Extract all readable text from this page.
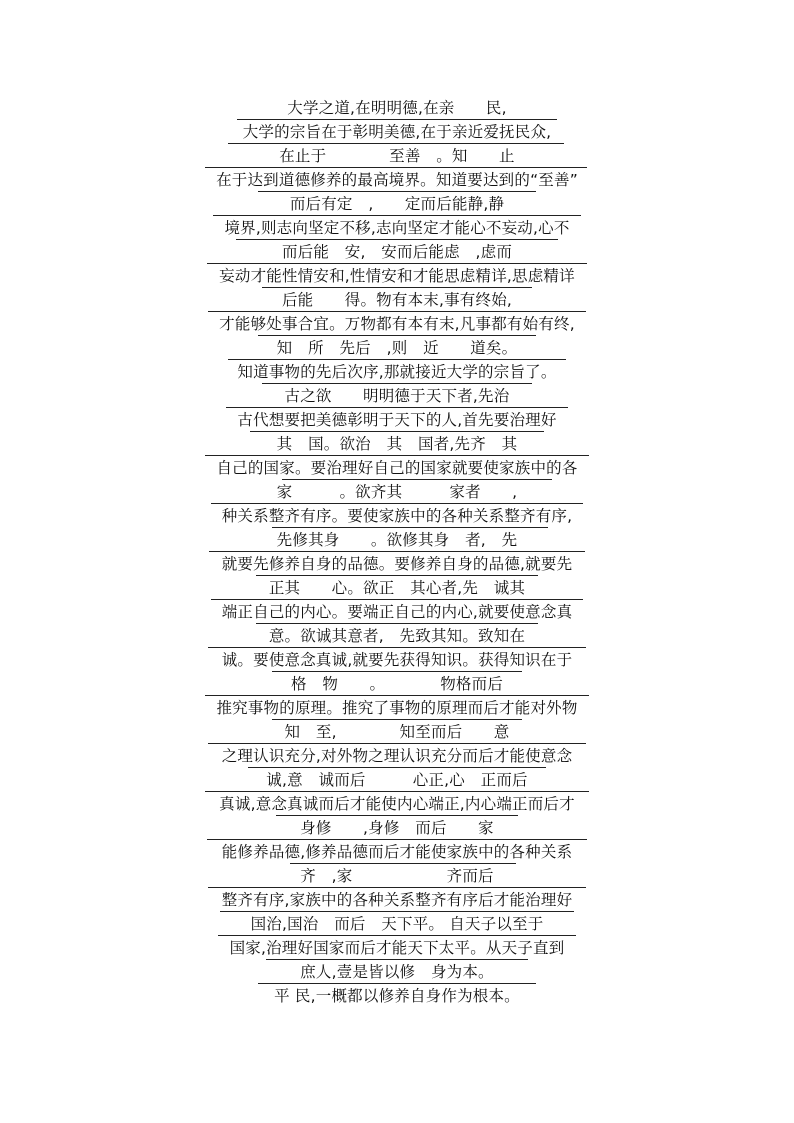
大学之道,在明明德,在亲　　民,
大学的宗旨在于彰明美德,在于亲近爱抚民众,
在止于　　　　至善　。知　　止
在于达到道德修养的最高境界。知道要达到的“至善”
而后有定　,　　定而后能静,静
境界,则志向坚定不移,志向坚定才能心不妄动,心不
而后能　安,　安而后能虑　,虑而
妄动才能性情安和,性情安和才能思虑精详,思虑精详
后能　　得。物有本末,事有终始,
才能够处事合宜。万物都有本有末,凡事都有始有终,
知　所　先后　,则　近　　道矣。
知道事物的先后次序,那就接近大学的宗旨了。
古之欲　　明明德于天下者,先治
古代想要把美德彰明于天下的人,首先要治理好
其　国。欲治　其　国者,先齐　其
自己的国家。要治理好自己的国家就要使家族中的各
家　　　。欲齐其　　　家者　　,
种关系整齐有序。要使家族中的各种关系整齐有序,
先修其身　　。欲修其身　者,　先
就要先修养自身的品德。要修养自身的品德,就要先
正其　　心。欲正　其心者,先　诚其
端正自己的内心。要端正自己的内心,就要使意念真
意。欲诚其意者,　先致其知。致知在
诚。要使意念真诚,就要先获得知识。获得知识在于
格　物　　。　　　　物格而后
推究事物的原理。推究了事物的原理而后才能对外物
知　至,　　　　知至而后　　意
之理认识充分,对外物之理认识充分而后才能使意念
诚,意　诚而后　　　心正,心　正而后
真诚,意念真诚而后才能使内心端正,内心端正而后才
身修　　,身修　而后　　家
能修养品德,修养品德而后才能使家族中的各种关系
齐　,家　　　　　　齐而后
整齐有序,家族中的各种关系整齐有序后才能治理好
国治,国治　而后　天下平。 自天子以至于
国家,治理好国家而后才能天下太平。从天子直到
庶人,壹是皆以修　身为本。
平 民,一概都以修养自身作为根本。
